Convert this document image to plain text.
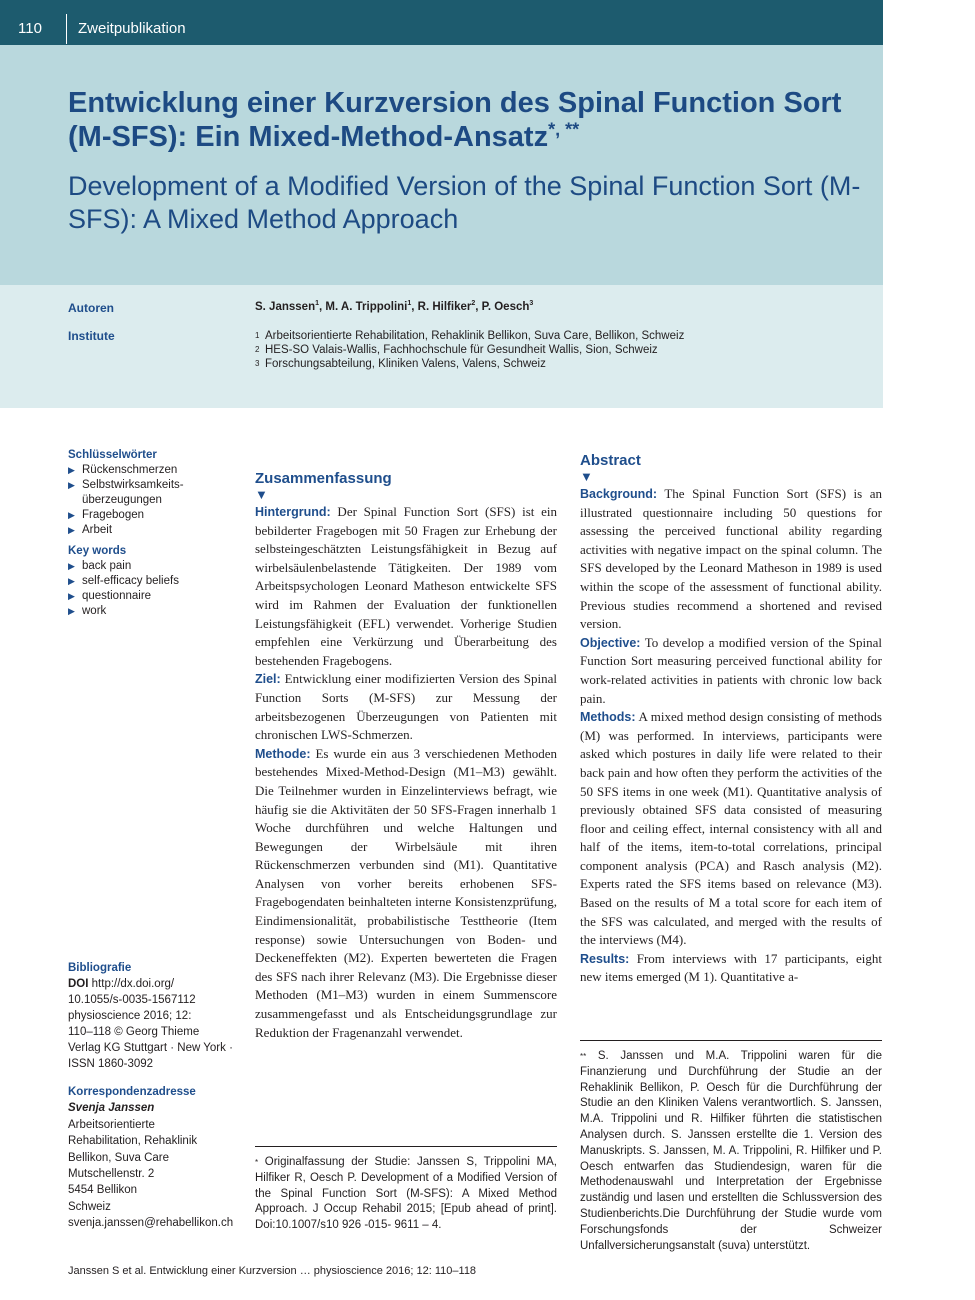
110 Zweitpublikation
Entwicklung einer Kurzversion des Spinal Function Sort (M-SFS): Ein Mixed-Method-Ansatz*, **
Development of a Modified Version of the Spinal Function Sort (M-SFS): A Mixed Method Approach
Autoren
Institute
S. Janssen$^1$, M. A. Trippolini$^1$, R. Hilfiker$^2$, P. Oesch$^3$
1 Arbeitsorientierte Rehabilitation, Rehaklinik Bellikon, Suva Care, Bellikon, Schweiz
2 HES-SO Valais-Wallis, Fachhochschule für Gesundheit Wallis, Sion, Schweiz
3 Forschungsabteilung, Kliniken Valens, Valens, Schweiz
Schlüsselwörter
▶ Rückenschmerzen
▶ Selbstwirksamkeits-
überzeugungen
▶ Fragebogen
▶ Arbeit
Key words
▶ back pain
▶ self-efficacy beliefs
▶ questionnaire
▶ work
Bibliografie
DOI http://dx.doi.org/
10.1055/s-0035-1567112
physioscience 2016; 12:
110–118 © Georg Thieme
Verlag KG Stuttgart · New York ·
ISSN 1860-3092
Korrespondenzadresse
Svenja Janssen
Arbeitsorientierte
Rehabilitation, Rehaklinik
Bellikon, Suva Care
Mutschellenstr. 2
5454 Bellikon
Schweiz
svenja.janssen@rehabellikon.ch
Zusammenfassung
▼

Hintergrund: Der Spinal Function Sort (SFS) ist ein bebilderter Fragebogen mit 50 Fragen zur Erhebung der selbsteingeschätzten Leistungsfähigkeit in Bezug auf wirbelsäulenbelastende Tätigkeiten. Der 1989 vom Arbeitspsychologen Leonard Matheson entwickelte SFS wird im Rahmen der Evaluation der funktionellen Leistungsfähigkeit (EFL) verwendet. Vorherige Studien empfehlen eine Verkürzung und Überarbeitung des bestehenden Fragebogens.

Ziel: Entwicklung einer modifizierten Version des Spinal Function Sorts (M-SFS) zur Messung der arbeitsbezogenen Überzeugungen von Patienten mit chronischen LWS-Schmerzen.

Methode: Es wurde ein aus 3 verschiedenen Methoden bestehendes Mixed-Method-Design (M1–M3) gewählt. Die Teilnehmer wurden in Einzelinterviews befragt, wie häufig sie die Aktivitäten der 50 SFS-Fragen innerhalb 1 Woche durchführen und welche Haltungen und Bewegungen der Wirbelsäule mit ihren Rückenschmerzen verbunden sind (M1). Quantitative Analysen von vorher bereits erhobenen SFS-Fragebogendaten beinhalteten interne Konsistenzprüfung, Eindimensionalität, probabilistische Testtheorie (Item response) sowie Untersuchungen von Boden- und Deckeneffekten (M2). Experten bewerteten die Fragen des SFS nach ihrer Relevanz (M3). Die Ergebnisse dieser Methoden (M1–M3) wurden in einem Summenscore zusammengefasst und als Entscheidungsgrundlage zur Reduktion der Fragenanzahl verwendet.

Abstract
▼

Background: The Spinal Function Sort (SFS) is an illustrated questionnaire including 50 questions for assessing the perceived functional ability regarding activities with negative impact on the spinal column. The SFS developed by the Leonard Matheson in 1989 is used within the scope of the assessment of functional ability. Previous studies recommend a shortened and revised version.

Objective: To develop a modified version of the Spinal Function Sort measuring perceived functional ability for work-related activities in patients with chronic low back pain.

Methods: A mixed method design consisting of methods (M) was performed. In interviews, participants were asked which postures in daily life were related to their back pain and how often they perform the activities of the 50 SFS items in one week (M1). Quantitative analysis of previously obtained SFS data consisted of measuring floor and ceiling effect, internal consistency with all and half of the items, item-to-total correlations, principal component analysis (PCA) and Rasch analysis (M2). Experts rated the SFS items based on relevance (M3). Based on the results of M a total score for each item of the SFS was calculated, and merged with the results of the interviews (M4).

Results: From interviews with 17 participants, eight new items emerged (M 1). Quantitative a-

* Originalfassung der Studie: Janssen S, Trippolini MA, Hilfiker R, Oesch P. Development of a Modified Version of the Spinal Function Sort (M-SFS): A Mixed Method Approach. J Occup Rehabil 2015; [Epub ahead of print]. Doi:10.1007/s10 926 -015- 9611 – 4.
** S. Janssen und M.A. Trippolini waren für die Finanzierung und Durchführung der Studie an der Rehaklinik Bellikon, P. Oesch für die Durchführung der Studie an den Kliniken Valens verantwortlich. S. Janssen, M.A. Trippolini und R. Hilfiker führten die statistischen Analysen durch. S. Janssen erstellte die 1. Version des Manuskripts. S. Janssen, M. A. Trippolini, R. Hilfiker und P. Oesch entwarfen das Studiendesign, waren für die Methodenauswahl und Interpretation der Ergebnisse zuständig und lasen und erstellten die Schlussversion des Studienberichts.Die Durchführung der Studie wurde vom Forschungsfonds der Schweizer Unfallversicherungsanstalt (suva) unterstützt.
Janssen S et al. Entwicklung einer Kurzversion … physioscience 2016; 12: 110–118
